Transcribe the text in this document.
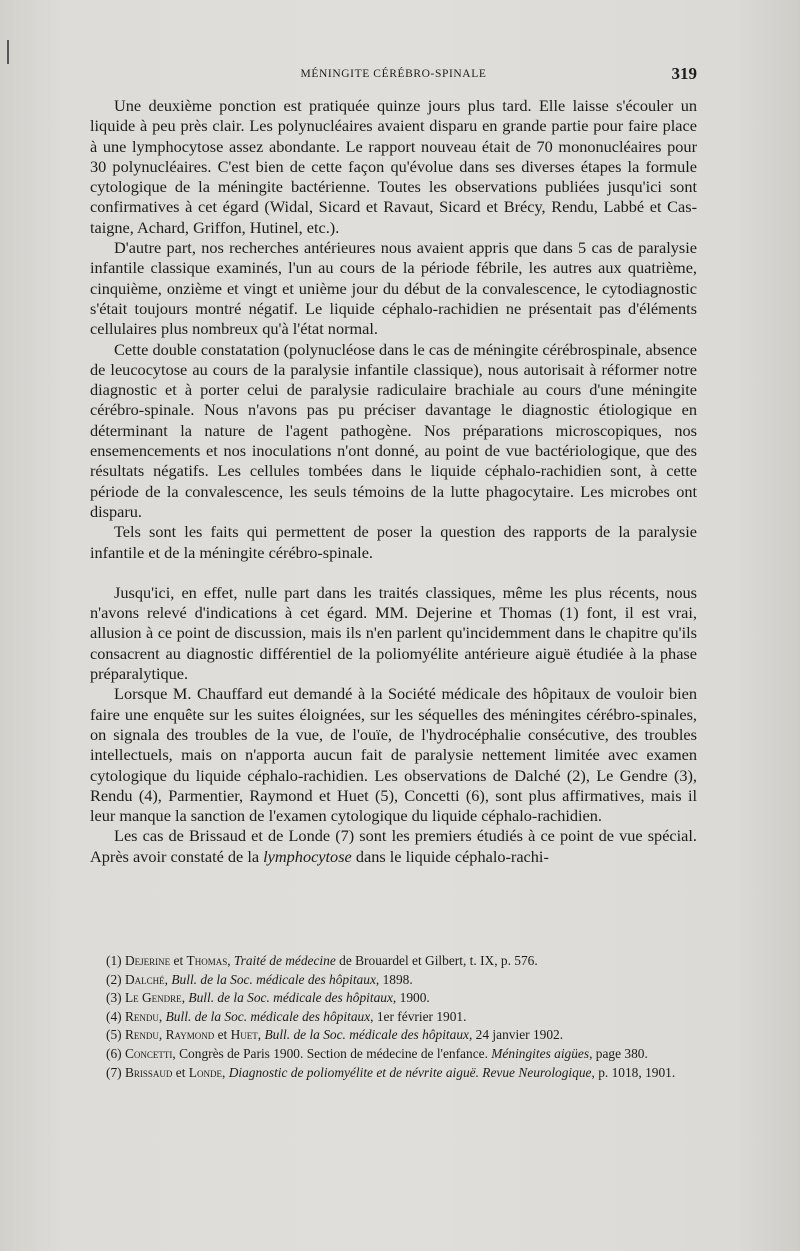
MÉNINGITE CÉRÉBRO-SPINALE	319

Une deuxième ponction est pratiquée quinze jours plus tard. Elle laisse s'écouler un liquide à peu près clair. Les polynucléaires avaient disparu en grande partie pour faire place à une lymphocytose assez abondante. Le rapport nouveau était de 70 mononucléaires pour 30 polynucléaires. C'est bien de cette façon qu'évolue dans ses diverses étapes la formule cytologique de la méningite bactérienne. Toutes les observations publiées jusqu'ici sont confirmatives à cet égard (Widal, Sicard et Ravaut, Sicard et Brécy, Rendu, Labbé et Castaigne, Achard, Griffon, Hutinel, etc.).

D'autre part, nos recherches antérieures nous avaient appris que dans 5 cas de paralysie infantile classique examinés, l'un au cours de la période fébrile, les autres aux quatrième, cinquième, onzième et vingt et unième jour du début de la convalescence, le cytodiagnostic s'était toujours montré négatif. Le liquide céphalo-rachidien ne présentait pas d'éléments cellulaires plus nombreux qu'à l'état normal.

Cette double constatation (polynucléose dans le cas de méningite cérébrospinale, absence de leucocytose au cours de la paralysie infantile classique), nous autorisait à réformer notre diagnostic et à porter celui de paralysie radiculaire brachiale au cours d'une méningite cérébro-spinale. Nous n'avons pas pu préciser davantage le diagnostic étiologique en déterminant la nature de l'agent pathogène. Nos préparations microscopiques, nos ensemencements et nos inoculations n'ont donné, au point de vue bactériologique, que des résultats négatifs. Les cellules tombées dans le liquide céphalo-rachidien sont, à cette période de la convalescence, les seuls témoins de la lutte phagocytaire. Les microbes ont disparu.

Tels sont les faits qui permettent de poser la question des rapports de la paralysie infantile et de la méningite cérébro-spinale.

Jusqu'ici, en effet, nulle part dans les traités classiques, même les plus récents, nous n'avons relevé d'indications à cet égard. MM. Dejerine et Thomas (1) font, il est vrai, allusion à ce point de discussion, mais ils n'en parlent qu'incidemment dans le chapitre qu'ils consacrent au diagnostic différentiel de la poliomyélite antérieure aiguë étudiée à la phase préparalytique.

Lorsque M. Chauffard eut demandé à la Société médicale des hôpitaux de vouloir bien faire une enquête sur les suites éloignées, sur les séquelles des méningites cérébro-spinales, on signala des troubles de la vue, de l'ouïe, de l'hydrocéphalie consécutive, des troubles intellectuels, mais on n'apporta aucun fait de paralysie nettement limitée avec examen cytologique du liquide céphalo-rachidien. Les observations de Dalché (2), Le Gendre (3), Rendu (4), Parmentier, Raymond et Huet (5), Concetti (6), sont plus affirmatives, mais il leur manque la sanction de l'examen cytologique du liquide céphalo-rachidien.

Les cas de Brissaud et de Londe (7) sont les premiers étudiés à ce point de vue spécial. Après avoir constaté de la lymphocytose dans le liquide céphalo-rachi-

(1) Dejerine et Thomas, Traité de médecine de Brouardel et Gilbert, t. IX, p. 576.

(2) Dalché, Bull. de la Soc. médicale des hôpitaux, 1898.

(3) Le Gendre, Bull. de la Soc. médicale des hôpitaux, 1900.

(4) Rendu, Bull. de la Soc. médicale des hôpitaux, 1er février 1901.

(5) Rendu, Raymond et Huet, Bull. de la Soc. médicale des hôpitaux, 24 janvier 1902.

(6) Concetti, Congrès de Paris 1900. Section de médecine de l'enfance. Méningites aigües, page 380.

(7) Brissaud et Londe, Diagnostic de poliomyélite et de névrite aiguë. Revue Neurologique, p. 1018, 1901.
